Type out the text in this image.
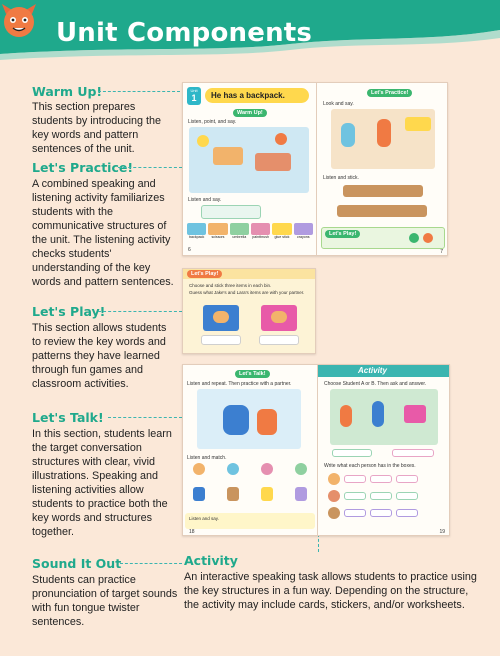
Unit Components
Warm Up!
This section prepares students by introducing the key words and pattern sentences of the unit.
Let's Practice!
A combined speaking and listening activity familiarizes students with the communicative structures of the unit. The listening activity checks students' understanding of the key words and pattern sentences.
Let's Play!
This section allows students to review the key words and patterns they have learned through fun games and classroom activities.
Let's Talk!
In this section, students learn the target conversation structures with clear, vivid illustrations. Speaking and listening activities allow students to practice both the key words and structures together.
Sound It Out
Students can practice pronunciation of target sounds with fun tongue twister sentences.
Unit
1	He has a backpack.
Warm Up!
Listen, point, and say.
Listen and say.
backpack	scissors	umbrella	paintbrush	glue stick	crayons
6
Let's Practice!
Look and say.
Listen and stick.
Let's Play!
7
Let's Play!
Choose and stick three items in each bin.
Guess what Jake's and Lara's items are with your partner.
Let's Talk!
Listen and repeat. Then practice with a partner.
Listen and match.
Listen and say.
18
Activity
Choose Student A or B. Then ask and answer.
Write what each person has in the boxes.
19
Activity
An interactive speaking task allows students to practice using the key structures in a fun way. Depending on the structure, the activity may include cards, stickers, and/or worksheets.
